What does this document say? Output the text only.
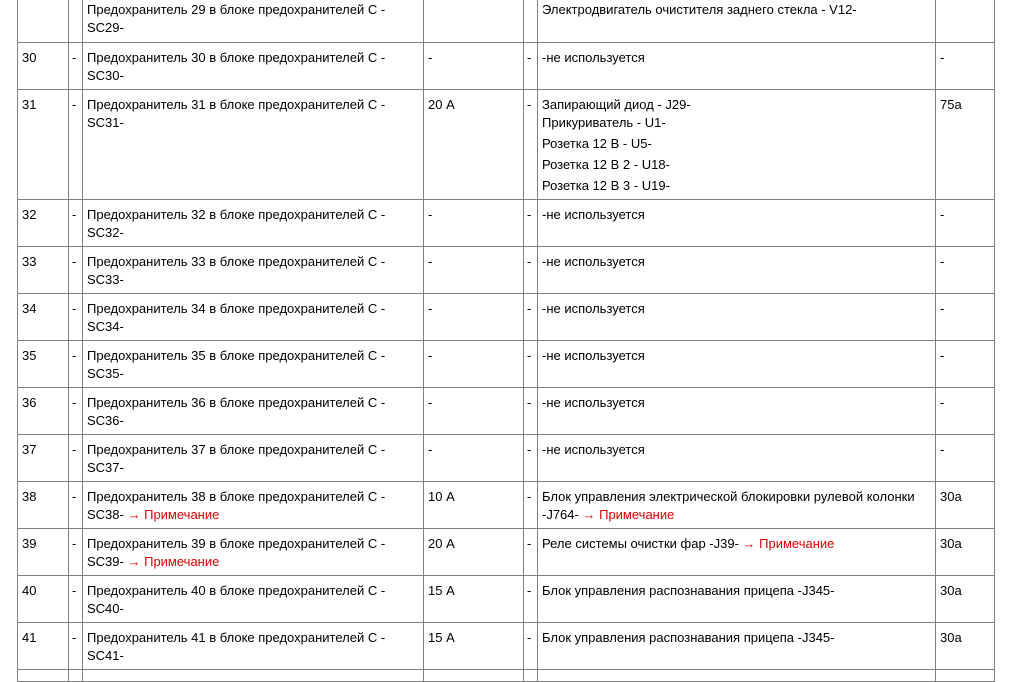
		Предохранитель 29 в блоке предохранителей С -
SC29-			Электродвигатель очистителя заднего стекла - V12-	

30	-	Предохранитель 30 в блоке предохранителей С -
SC30-	-	-	-не используется	-
31	-	Предохранитель 31 в блоке предохранителей С -
SC31-	20 А	-	Запирающий диод - J29-
Прикуриватель - U1-
Розетка 12 В - U5-
Розетка 12 В 2 - U18-
Розетка 12 В 3 - U19-	75a
32	-	Предохранитель 32 в блоке предохранителей С -
SC32-	-	-	-не используется	-
33	-	Предохранитель 33 в блоке предохранителей С -
SC33-	-	-	-не используется	-
34	-	Предохранитель 34 в блоке предохранителей С -
SC34-	-	-	-не используется	-
35	-	Предохранитель 35 в блоке предохранителей С -
SC35-	-	-	-не используется	-
36	-	Предохранитель 36 в блоке предохранителей С -
SC36-	-	-	-не используется	-
37	-	Предохранитель 37 в блоке предохранителей С -
SC37-	-	-	-не используется	-
38	-	Предохранитель 38 в блоке предохранителей С -
SC38- → Примечание	10 А	-	Блок управления электрической блокировки рулевой колонки
-J764- → Примечание	30a
39	-	Предохранитель 39 в блоке предохранителей С -
SC39- → Примечание	20 А	-	Реле системы очистки фар -J39- → Примечание	30a
40	-	Предохранитель 40 в блоке предохранителей С -
SC40-	15 А	-	Блок управления распознавания прицепа -J345-	30a
41	-	Предохранитель 41 в блоке предохранителей С -
SC41-	15 А	-	Блок управления распознавания прицепа -J345-	30a
